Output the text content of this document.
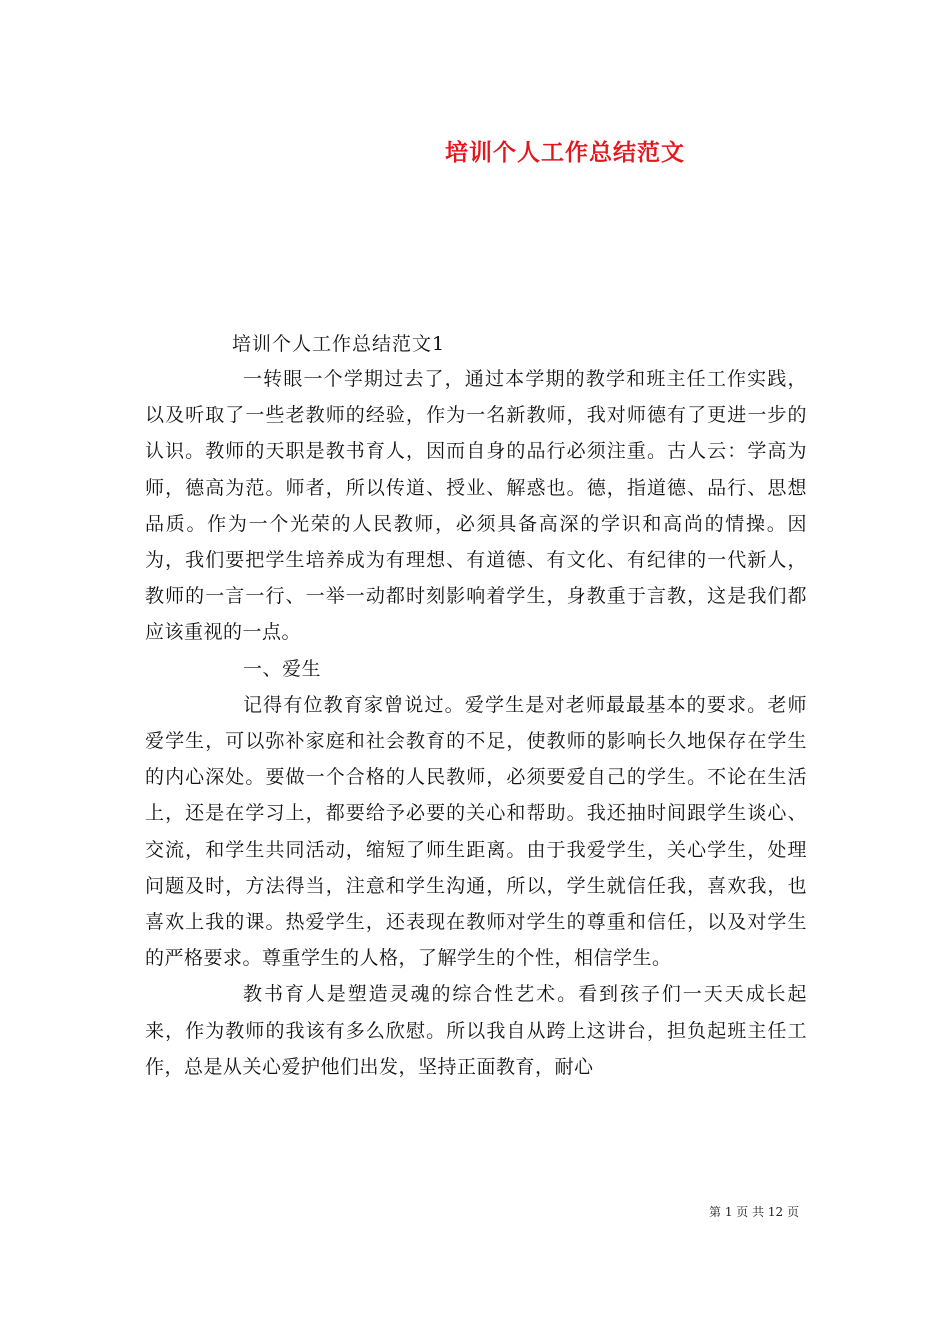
培训个人工作总结范文
培训个人工作总结范文1

一转眼一个学期过去了，通过本学期的教学和班主任工作实践，以及听取了一些老教师的经验，作为一名新教师，我对师德有了更进一步的认识。教师的天职是教书育人，因而自身的品行必须注重。古人云：学高为师，德高为范。师者，所以传道、授业、解惑也。德，指道德、品行、思想品质。作为一个光荣的人民教师，必须具备高深的学识和高尚的情操。因为，我们要把学生培养成为有理想、有道德、有文化、有纪律的一代新人，教师的一言一行、一举一动都时刻影响着学生，身教重于言教，这是我们都应该重视的一点。

一、爱生

记得有位教育家曾说过。爱学生是对老师最最基本的要求。老师爱学生，可以弥补家庭和社会教育的不足，使教师的影响长久地保存在学生的内心深处。要做一个合格的人民教师，必须要爱自己的学生。不论在生活上，还是在学习上，都要给予必要的关心和帮助。我还抽时间跟学生谈心、交流，和学生共同活动，缩短了师生距离。由于我爱学生，关心学生，处理问题及时，方法得当，注意和学生沟通，所以，学生就信任我，喜欢我，也喜欢上我的课。热爱学生，还表现在教师对学生的尊重和信任，以及对学生的严格要求。尊重学生的人格，了解学生的个性，相信学生。

教书育人是塑造灵魂的综合性艺术。看到孩子们一天天成长起来，作为教师的我该有多么欣慰。所以我自从跨上这讲台，担负起班主任工作，总是从关心爱护他们出发，坚持正面教育，耐心

第 1 页 共 12 页
